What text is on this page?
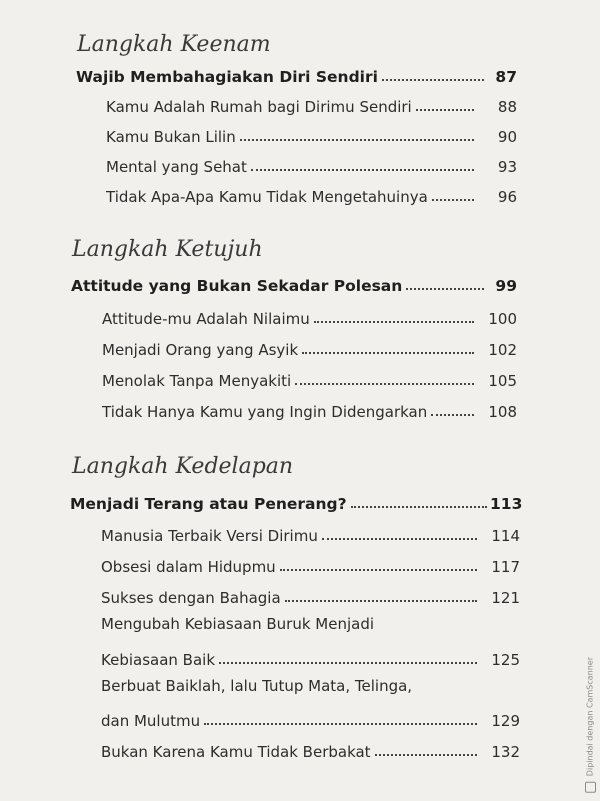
Langkah Keenam
Wajib Membahagiakan Diri Sendiri	87
Kamu Adalah Rumah bagi Dirimu Sendiri	88
Kamu Bukan Lilin	90
Mental yang Sehat	93
Tidak Apa-Apa Kamu Tidak Mengetahuinya	96
Langkah Ketujuh
Attitude yang Bukan Sekadar Polesan	99
Attitude-mu Adalah Nilaimu	100
Menjadi Orang yang Asyik	102
Menolak Tanpa Menyakiti	105
Tidak Hanya Kamu yang Ingin Didengarkan	108
Langkah Kedelapan
Menjadi Terang atau Penerang?	113
Manusia Terbaik Versi Dirimu	114
Obsesi dalam Hidupmu	117
Sukses dengan Bahagia	121
Mengubah Kebiasaan Buruk Menjadi
Kebiasaan Baik	125
Berbuat Baiklah, lalu Tutup Mata, Telinga,
dan Mulutmu	129
Bukan Karena Kamu Tidak Berbakat	132	Dipindai dengan CamScanner
